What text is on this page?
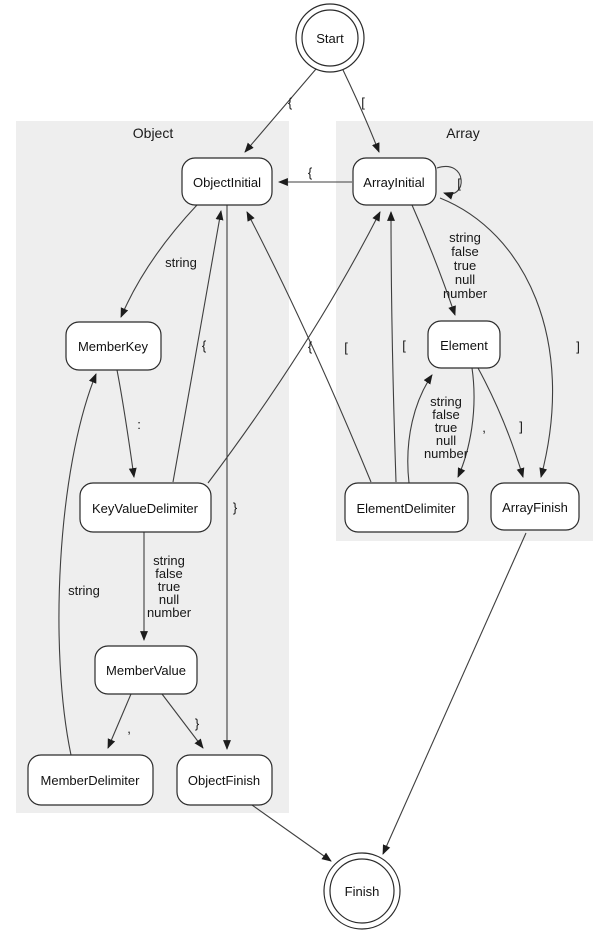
Object	Array
{	[
{
[
string
{
}
{ [	[
string
false
true
null
number
]
,
string
false
true
null
number
]
:
string
false
true
null
number
,	}
string
Start
ObjectInitial	ArrayInitial
MemberKey	Element
KeyValueDelimiter	ElementDelimiter	ArrayFinish
MemberValue
MemberDelimiter	ObjectFinish
Finish
